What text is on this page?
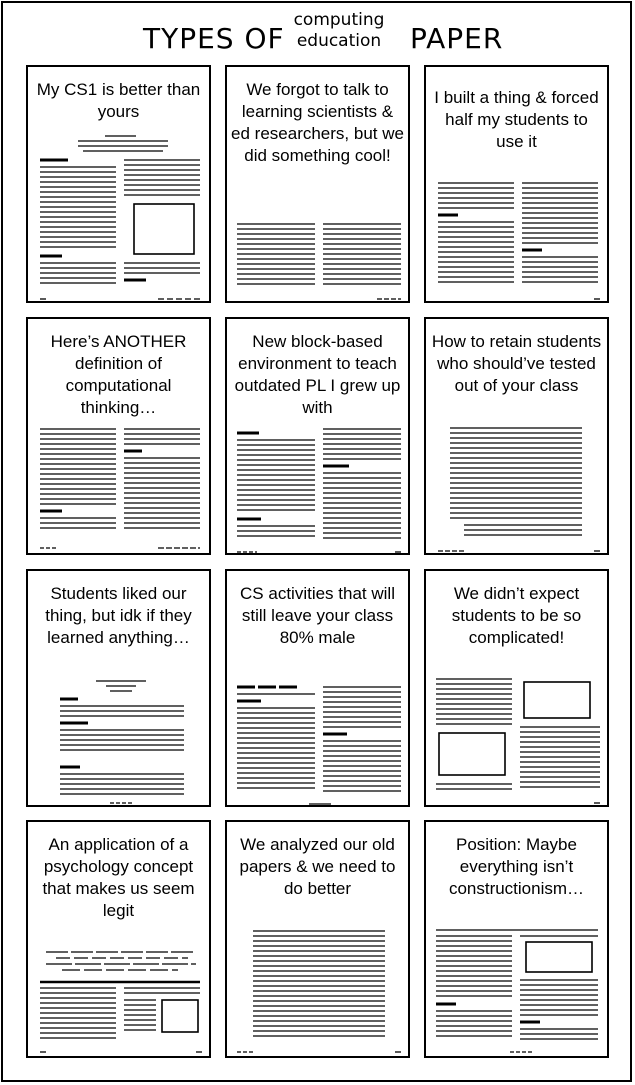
TYPES OF
computing education PAPER
My CS1 is better than yours
We forgot to talk to learning scientists & ed researchers, but we did something cool!
I built a thing & forced half my students to use it
Here’s ANOTHER definition of computational thinking…
New block-based environment to teach outdated PL I grew up with
How to retain students who should’ve tested out of your class
Students liked our thing, but idk if they learned anything…
CS activities that will still leave your class 80% male
We didn’t expect students to be so complicated!
An application of a psychology concept that makes us seem legit
We analyzed our old papers & we need to do better
Position: Maybe everything isn’t constructionism…
